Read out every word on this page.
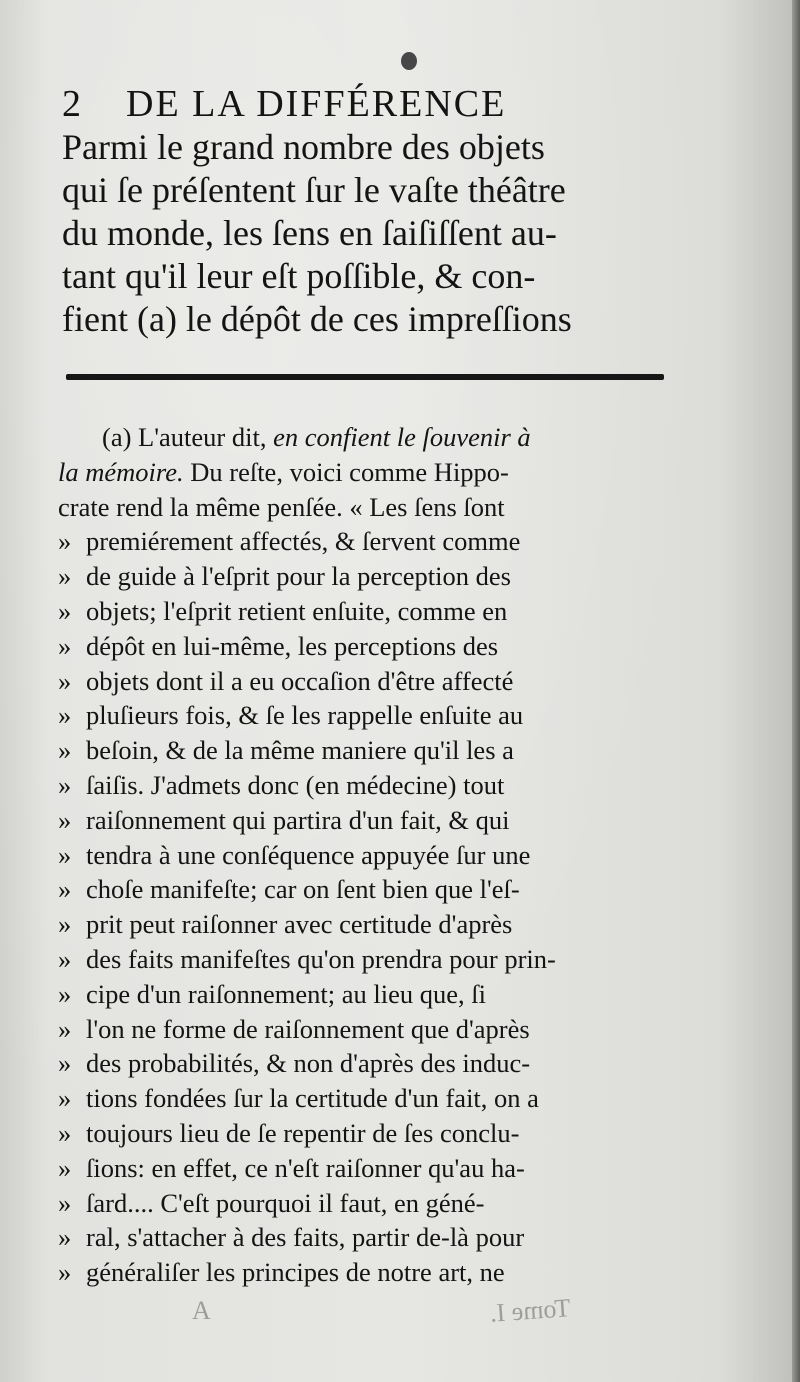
2 DE LA DIFFÉRENCE
Parmi le grand nombre des objets
qui ſe préſentent ſur le vaſte théâtre
du monde, les ſens en ſaiſiſſent au-
tant qu'il leur eſt poſſible, & con-
fient (a) le dépôt de ces impreſſions
(a) L'auteur dit, en confient le ſouvenir à
la mémoire. Du reſte, voici comme Hippo-
crate rend la même penſée. « Les ſens ſont
» premiérement affectés, & ſervent comme
» de guide à l'eſprit pour la perception des
» objets; l'eſprit retient enſuite, comme en
» dépôt en lui-même, les perceptions des
» objets dont il a eu occaſion d'être affecté
» pluſieurs fois, & ſe les rappelle enſuite au
» beſoin, & de la même maniere qu'il les a
» ſaiſis. J'admets donc (en médecine) tout
» raiſonnement qui partira d'un fait, & qui
» tendra à une conſéquence appuyée ſur une
» choſe manifeſte; car on ſent bien que l'eſ-
» prit peut raiſonner avec certitude d'après
» des faits manifeſtes qu'on prendra pour prin-
» cipe d'un raiſonnement; au lieu que, ſi
» l'on ne forme de raiſonnement que d'après
» des probabilités, & non d'après des induc-
» tions fondées ſur la certitude d'un fait, on a
» toujours lieu de ſe repentir de ſes conclu-
» ſions: en effet, ce n'eſt raiſonner qu'au ha-
» ſard.... C'eſt pourquoi il faut, en géné-
» ral, s'attacher à des faits, partir de-là pour
» généraliſer les principes de notre art, ne
A	Tome I.
